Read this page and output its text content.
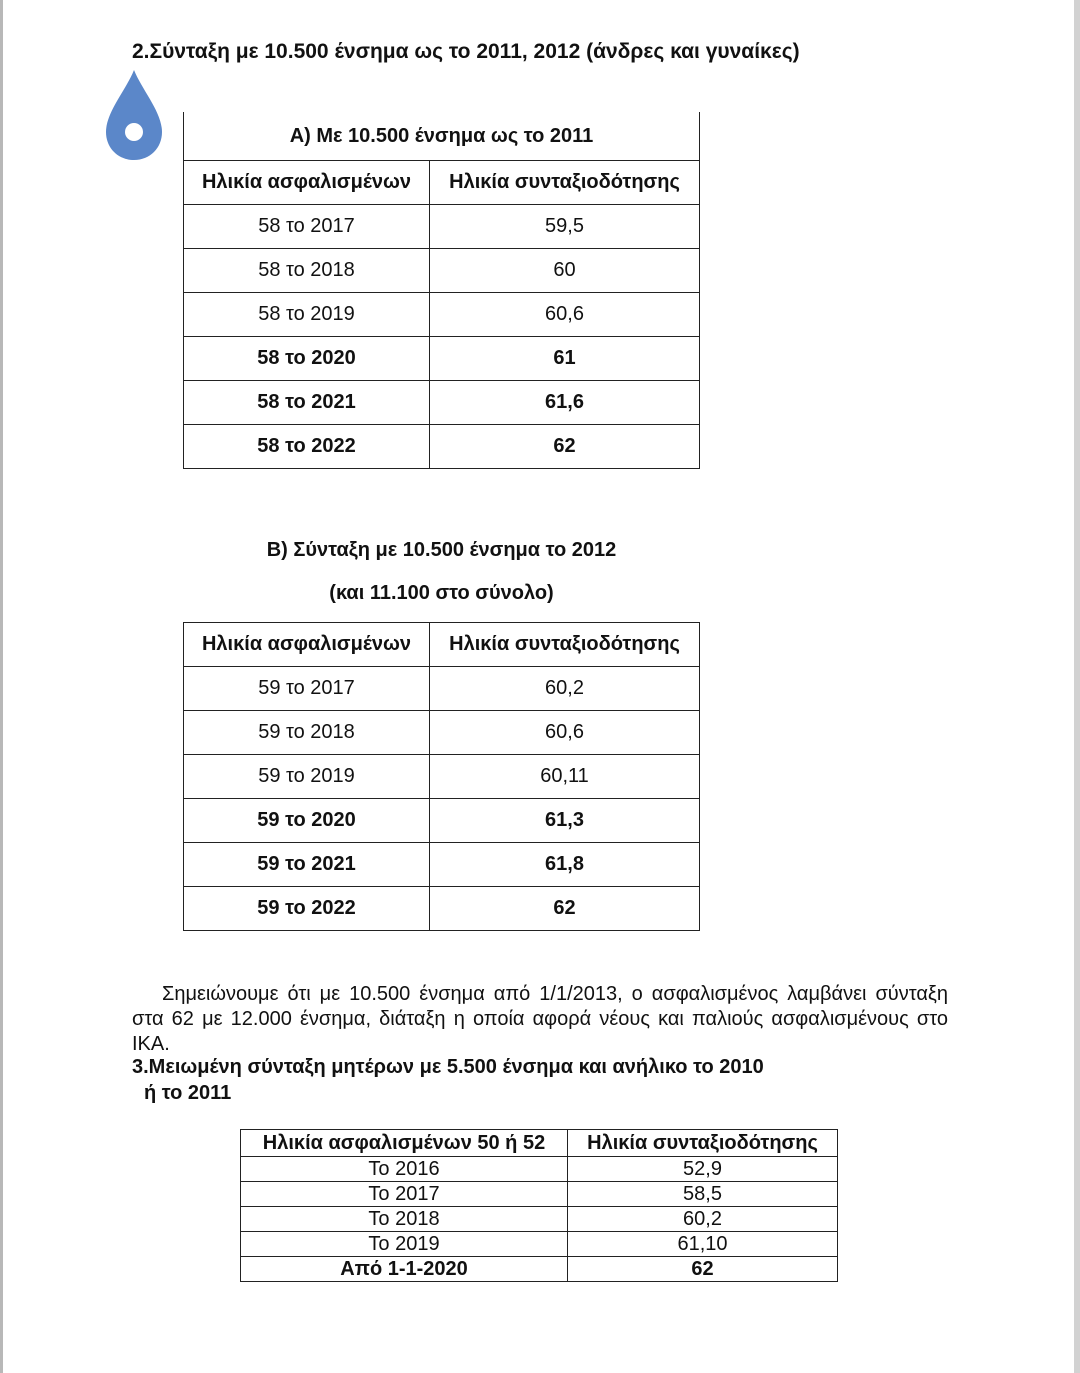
2.Σύνταξη με 10.500 ένσημα ως το 2011, 2012 (άνδρες και γυναίκες)
Α) Με 10.500 ένσημα ως το 2011	
Ηλικία ασφαλισμένων	Ηλικία συνταξιοδότησης
58 το 2017	59,5
58 το 2018	60
58 το 2019	60,6
58 το 2020	61
58 το 2021	61,6
58 το 2022	62

Β) Σύνταξη με 10.500 ένσημα το 2012

(και 11.100 στο σύνολο)

Ηλικία ασφαλισμένων	Ηλικία συνταξιοδότησης
59 το 2017	60,2
59 το 2018	60,6
59 το 2019	60,11
59 το 2020	61,3
59 το 2021	61,8
59 το 2022	62

Σημειώνουμε ότι με 10.500 ένσημα από 1/1/2013, ο ασφαλισμένος λαμβάνει σύνταξη στα 62 με 12.000 ένσημα, διάταξη η οποία αφορά νέους και παλιούς ασφαλισμένους στο ΙΚΑ.

3.Μειωμένη σύνταξη μητέρων με 5.500 ένσημα και ανήλικο το 2010
ή το 2011

Ηλικία ασφαλισμένων 50 ή 52	Ηλικία συνταξιοδότησης
Το 2016	52,9
Το 2017	58,5
Το 2018	60,2
Το 2019	61,10
Από 1-1-2020	62
